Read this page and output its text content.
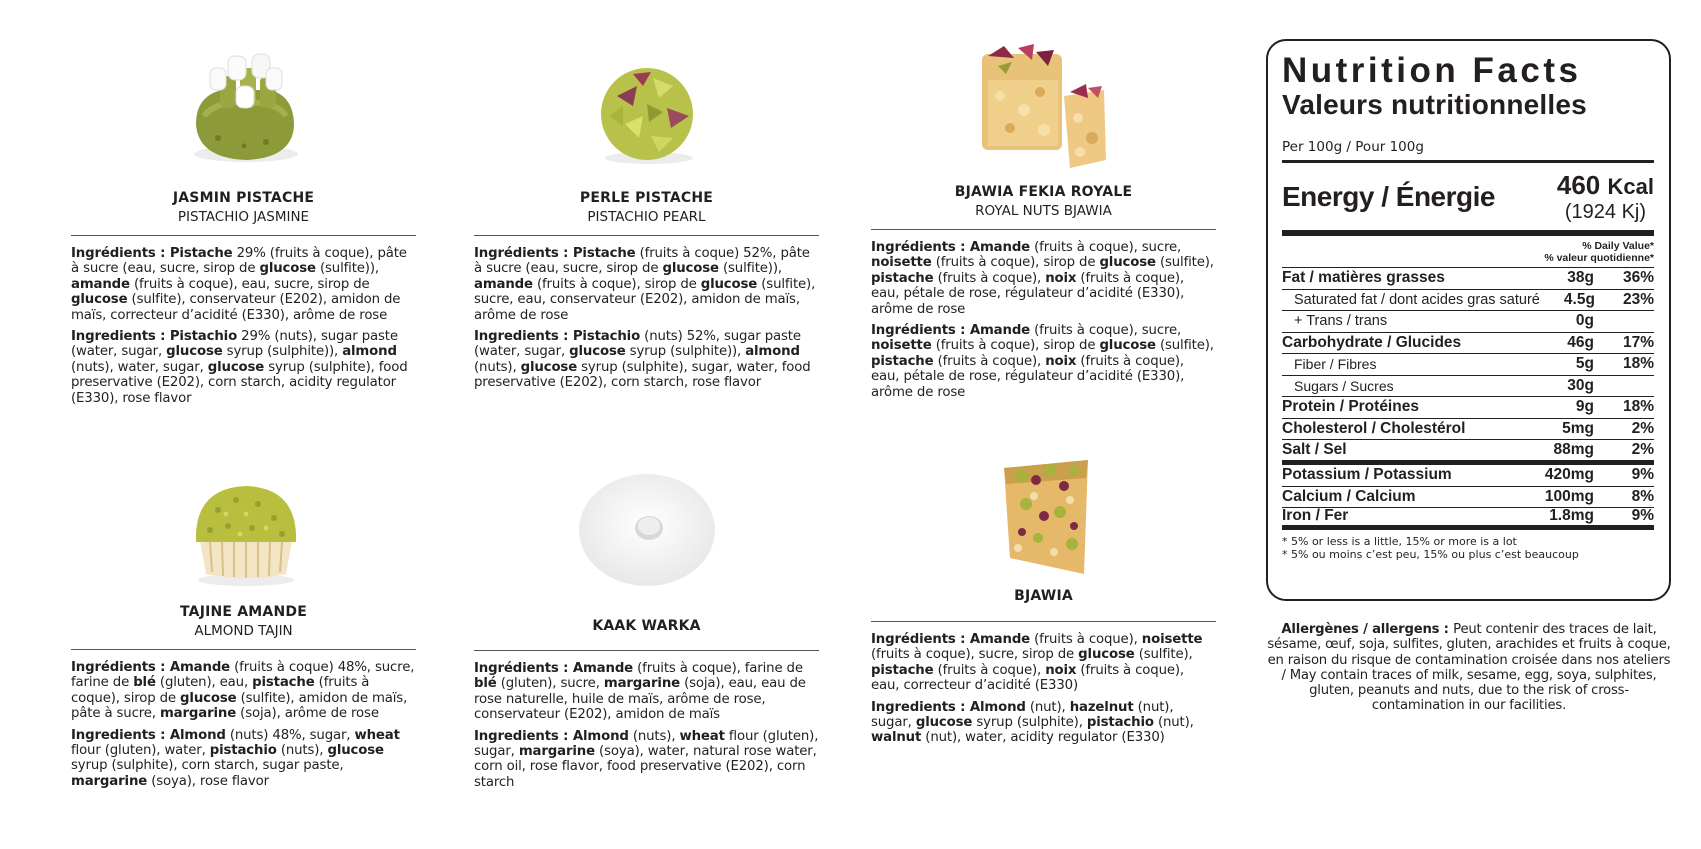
JASMIN PISTACHE
PISTACHIO JASMINE

Ingrédients : Pistache 29% (fruits à coque), pâte à sucre (eau, sucre, sirop de glucose (sulfite)), amande (fruits à coque), eau, sucre, sirop de glucose (sulfite), conservateur (E202), amidon de maïs, correcteur d’acidité (E330), arôme de rose

Ingredients : Pistachio 29% (nuts), sugar paste (water, sugar, glucose syrup (sulphite)), almond (nuts), water, sugar, glucose syrup (sulphite), food preservative (E202), corn starch, acidity regulator (E330), rose flavor

PERLE PISTACHE
PISTACHIO PEARL

Ingrédients : Pistache (fruits à coque) 52%, pâte à sucre (eau, sucre, sirop de glucose (sulfite)), amande (fruits à coque), sirop de glucose (sulfite), sucre, eau, conservateur (E202), amidon de maïs, arôme de rose

Ingredients : Pistachio (nuts) 52%, sugar paste (water, sugar, glucose syrup (sulphite)), almond (nuts), glucose syrup (sulphite), sugar, water, food preservative (E202), corn starch, rose flavor

BJAWIA FEKIA ROYALE
ROYAL NUTS BJAWIA

Ingrédients : Amande (fruits à coque), sucre, noisette (fruits à coque), sirop de glucose (sulfite), pistache (fruits à coque), noix (fruits à coque), eau, pétale de rose, régulateur d’acidité (E330), arôme de rose

Ingrédients : Amande (fruits à coque), sucre, noisette (fruits à coque), sirop de glucose (sulfite), pistache (fruits à coque), noix (fruits à coque), eau, pétale de rose, régulateur d’acidité (E330), arôme de rose

TAJINE AMANDE
ALMOND TAJIN

Ingrédients : Amande (fruits à coque) 48%, sucre, farine de blé (gluten), eau, pistache (fruits à coque), sirop de glucose (sulfite), amidon de maïs, pâte à sucre, margarine (soja), arôme de rose

Ingredients : Almond (nuts) 48%, sugar, wheat flour (gluten), water, pistachio (nuts), glucose syrup (sulphite), corn starch, sugar paste, margarine (soya), rose flavor

KAAK WARKA

Ingrédients : Amande (fruits à coque), farine de blé (gluten), sucre, margarine (soja), eau, eau de rose naturelle, huile de maïs, arôme de rose, conservateur (E202), amidon de maïs

Ingredients : Almond (nuts), wheat flour (gluten), sugar, margarine (soya), water, natural rose water, corn oil, rose flavor, food preservative (E202), corn starch

BJAWIA

Ingrédients : Amande (fruits à coque), noisette (fruits à coque), sucre, sirop de glucose (sulfite), pistache (fruits à coque), noix (fruits à coque), eau, correcteur d’acidité (E330)

Ingredients : Almond (nut), hazelnut (nut), sugar, glucose syrup (sulphite), pistachio (nut), walnut (nut), water, acidity regulator (E330)

Nutrition Facts
Valeurs nutritionnelles
Per 100g / Pour 100g
Energy / Énergie 460 Kcal
(1924 Kj)
% Daily Value*
% valeur quotidienne*
Fat / matières grasses	38g	36%
Saturated fat / dont acides gras saturé	4.5g	23%
+ Trans / trans	0g
Carbohydrate / Glucides	46g	17%
Fiber / Fibres	5g	18%
Sugars / Sucres	30g
Protein / Protéines	9g	18%
Cholesterol / Cholestérol	5mg	2%
Salt / Sel	88mg	2%
Potassium / Potassium	420mg	9%
Calcium / Calcium	100mg	8%
Iron / Fer	1.8mg	9%
* 5% or less is a little, 15% or more is a lot
* 5% ou moins c’est peu, 15% ou plus c’est beaucoup
Allergènes / allergens : Peut contenir des traces de lait, sésame, œuf, soja, sulfites, gluten, arachides et fruits à coque, en raison du risque de contamination croisée dans nos ateliers / May contain traces of milk, sesame, egg, soya, sulphites, gluten, peanuts and nuts, due to the risk of cross-contamination in our facilities.
